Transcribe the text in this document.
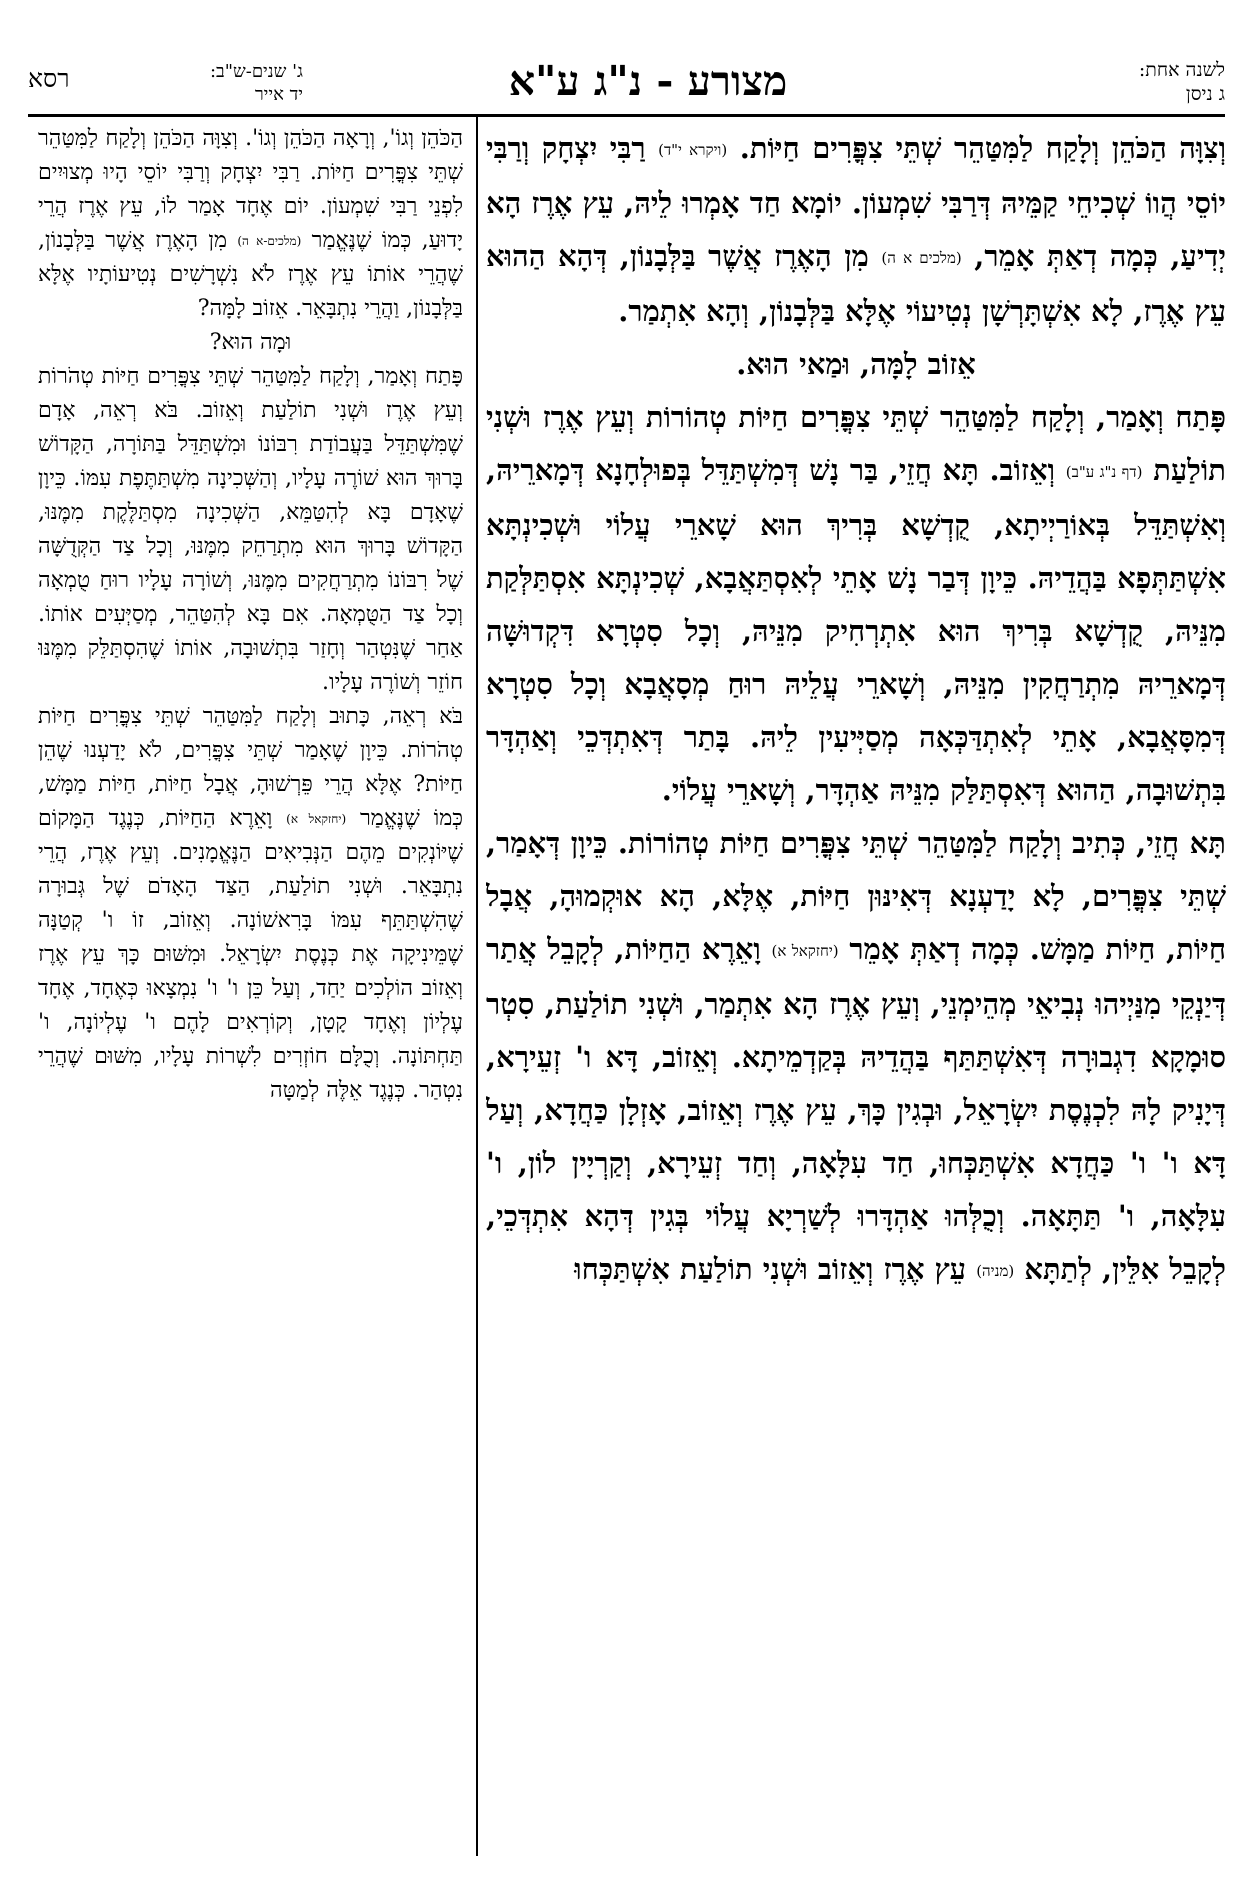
לשנה אחת:
ג ניסן
מצורע - נ"ג ע"א
ג' שנים-ש"ב:
יד אייר
רסא

וְצִוָּה הַכֹּהֵן וְלָקַח לַמִּטַּהֵר שְׁתֵּי צִפֳּרִים חַיּוֹת. (ויקרא י"ד) רַבִּי יִצְחָק וְרַבִּי יוֹסֵי הֲווֹ שְׁכִיחֵי קַמֵּיהּ דְּרַבִּי שִׁמְעוֹן. יוֹמָא חַד אָמְרוּ לֵיהּ, עֵץ אֶרֶז הָא יְדִיעַ, כְּמָה דְאַתְּ אָמֵר, (מלכים א ה) מִן הָאֶרֶז אֲשֶׁר בַּלְּבָנוֹן, דְּהָא הַהוּא עֵץ אֶרֶז, לָא אִשְׁתָּרְשָׁן נְטִיעוֹי אֶלָּא בַּלְּבָנוֹן, וְהָא אִתְמַר.

אֵזוֹב לָמָּה, וּמַאי הוּא.

פָּתַח וְאָמַר, וְלָקַח לַמִּטַּהֵר שְׁתֵּי צִפֳּרִים חַיּוֹת טְהוֹרוֹת וְעֵץ אֶרֶז וּשְׁנִי תוֹלַעַת (דף נ"ג ע"ב) וְאֵזוֹב. תָּא חֲזֵי, בַּר נָשׁ דְּמִשְׁתַּדֵּל בְּפוּלְחָנָא דְּמָארֵיהּ, וְאִשְׁתַּדֵּל בְּאוֹרַיְיתָא, קֻדְשָׁא בְּרִיךְ הוּא שָׁארֵי עֲלוֹי וּשְׁכִינְתָּא אִשְׁתַּתְּפָא בַּהֲדֵיהּ. כֵּיוָן דְּבַר נָשׁ אָתֵי לְאִסְתַּאֲבָא, שְׁכִינְתָּא אִסְתַּלְּקַת מִנֵּיהּ, קֻדְשָׁא בְּרִיךְ הוּא אִתְרְחִיק מִנֵּיהּ, וְכָל סִטְרָא דִּקְדוּשָּׁה דְּמָארֵיהּ מִתְרַחֲקִין מִנֵּיהּ, וְשָׁארֵי עֲלֵיהּ רוּחַ מְסָאֲבָא וְכָל סִטְרָא דְּמִסָּאֲבָא, אָתֵי לְאִתְדַּכְּאָה מְסַיְּיעִין לֵיהּ. בָּתַר דְּאִתְדְּכֵי וְאַהְדָּר בִּתְשׁוּבָה, הַהוּא דְּאִסְתַּלַּק מִנֵּיהּ אַהְדָּר, וְשָׁארֵי עֲלוֹי.

תָּא חֲזֵי, כְּתִיב וְלָקַח לַמִּטַּהֵר שְׁתֵּי צִפֳּרִים חַיּוֹת טְהוֹרוֹת. כֵּיוָן דְּאָמַר, שְׁתֵּי צִפֳּרִים, לָא יָדַעְנָא דְּאִינּוּן חַיּוֹת, אֶלָּא, הָא אוּקְמוּהָ, אֲבָל חַיּוֹת, חַיּוֹת מַמָּשׁ. כְּמָה דְאַתְּ אָמֵר (יחזקאל א) וָאֵרֶא הַחַיּוֹת, לְקָבֵל אֲתַר דְּיַנְקֵי מִנַּיְיהוּ נְבִיאֵי מְהֵימְנֵי, וְעֵץ אֶרֶז הָא אִתְמַר, וּשְׁנִי תוֹלַעַת, סִטְר סוּמָקָא דִגְבוּרָה דְּאִשְׁתַּתַּף בַּהֲדֵיהּ בְּקַדְמֵיתָא. וְאֵזוֹב, דָּא ו' זְעֵירָא, דְּיָנִיק לָהּ לִכְנֶסֶת יִשְׂרָאֵל, וּבְגִין כָּךְ, עֵץ אֶרֶז וְאֵזוֹב, אָזְלָן כַּחֲדָא, וְעַל דָּא ו' ו' כַּחֲדָא אִשְׁתַּכְּחוּ, חַד עִלָּאָה, וְחַד זְעֵירָא, וְקַרְיָין לוֹן, ו' עִלָּאָה, ו' תַּתָּאָה. וְכֻלְּהוּ אַהְדָּרוּ לְשַׁרְיָא עֲלוֹי בְּגִין דְּהָא אִתְדְּכֵי, לְקָבֵל אִלֵּין, לְתַתָּא (מניה) עֵץ אֶרֶז וְאֵזוֹב וּשְׁנִי תוֹלַעַת אִשְׁתַּכְּחוּ

הַכֹּהֵן וְגוֹ', וְרָאָה הַכֹּהֵן וְגוֹ'. וְצִוָּה הַכֹּהֵן וְלָקַח לַמִּטַּהֵר שְׁתֵּי צִפֳּרִים חַיּוֹת. רַבִּי יִצְחָק וְרַבִּי יוֹסֵי הָיוּ מְצוּיִים לִפְנֵי רַבִּי שִׁמְעוֹן. יוֹם אֶחָד אָמַר לוֹ, עֵץ אֶרֶז הֲרֵי יָדוּעַ, כְּמוֹ שֶׁנֶּאֱמַר (מלכים-א ה) מִן הָאֶרֶז אֲשֶׁר בַּלְּבָנוֹן, שֶׁהֲרֵי אוֹתוֹ עֵץ אֶרֶז לֹא נִשְׁרָשִׁים נְטִיעוֹתָיו אֶלָּא בַּלְּבָנוֹן, וַהֲרֵי נִתְבָּאֵר. אֵזוֹב לָמָּה?

וּמָה הוּא?

פָּתַח וְאָמַר, וְלָקַח לַמִּטַּהֵר שְׁתֵּי צִפֳּרִים חַיּוֹת טְהֹרוֹת וְעֵץ אֶרֶז וּשְׁנִי תוֹלַעַת וְאֵזוֹב. בֹּא רְאֵה, אָדָם שֶׁמִּשְׁתַּדֵּל בַּעֲבוֹדַת רִבּוֹנוֹ וּמִשְׁתַּדֵּל בַּתּוֹרָה, הַקָּדוֹשׁ בָּרוּךְ הוּא שׁוֹרֶה עָלָיו, וְהַשְּׁכִינָה מִשְׁתַּתֶּפֶת עִמּוֹ. כֵּיוָן שֶׁאָדָם בָּא לְהִטַּמֵּא, הַשְּׁכִינָה מִסְתַּלֶּקֶת מִמֶּנּוּ, הַקָּדוֹשׁ בָּרוּךְ הוּא מִתְרַחֵק מִמֶּנּוּ, וְכָל צַד הַקְּדֻשָּׁה שֶׁל רִבּוֹנוֹ מִתְרַחֲקִים מִמֶּנּוּ, וְשׁוֹרָה עָלָיו רוּחַ טֻמְאָה וְכָל צַד הַטֻּמְאָה. אִם בָּא לְהִטַּהֵר, מְסַיְּעִים אוֹתוֹ. אַחַר שֶׁנִּטְהַר וְחָזַר בִּתְשׁוּבָה, אוֹתוֹ שֶׁהִסְתַּלֵּק מִמֶּנּוּ חוֹזֵר וְשׁוֹרֶה עָלָיו.

בֹּא רְאֵה, כָּתוּב וְלָקַח לַמִּטַּהֵר שְׁתֵּי צִפֳּרִים חַיּוֹת טְהֹרוֹת. כֵּיוָן שֶׁאָמַר שְׁתֵּי צִפֳּרִים, לֹא יָדַעְנוּ שֶׁהֵן חַיּוֹת? אֶלָּא הֲרֵי פֵּרְשׁוּהָ, אֲבָל חַיּוֹת, חַיּוֹת מַמָּשׁ, כְּמוֹ שֶׁנֶּאֱמַר (יחזקאל א) וָאֵרֶא הַחַיּוֹת, כְּנֶגֶד הַמָּקוֹם שֶׁיּוֹנְקִים מֵהֶם הַנְּבִיאִים הַנֶּאֱמָנִים. וְעֵץ אֶרֶז, הֲרֵי נִתְבָּאֵר. וּשְׁנִי תוֹלַעַת, הַצַּד הָאָדֹם שֶׁל גְּבוּרָה שֶׁהִשְׁתַּתֵּף עִמּוֹ בָּרִאשׁוֹנָה. וְאֵזוֹב, זוֹ ו' קְטַנָּה שֶׁמֵּינִיקָה אֶת כְּנֶסֶת יִשְׂרָאֵל. וּמִשּׁוּם כָּךְ עֵץ אֶרֶז וְאֵזוֹב הוֹלְכִים יַחַד, וְעַל כֵּן ו' ו' נִמְצָאוּ כְּאֶחָד, אֶחָד עֶלְיוֹן וְאֶחָד קָטָן, וְקוֹרְאִים לָהֶם ו' עֶלְיוֹנָה, ו' תַּחְתּוֹנָה. וְכֻלָּם חוֹזְרִים לִשְׁרוֹת עָלָיו, מִשּׁוּם שֶׁהֲרֵי נִטְהַר. כְּנֶגֶד אֵלֶּה לְמַטָּה
